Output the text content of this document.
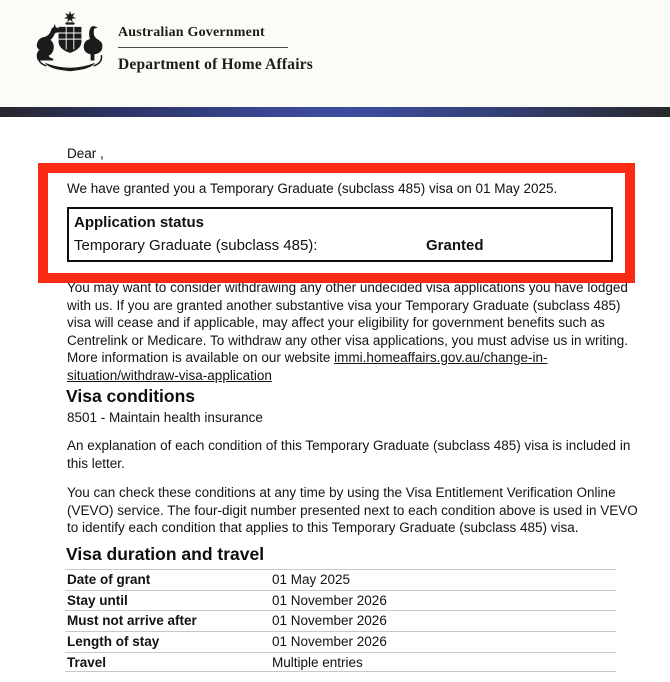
Australian Government
Department of Home Affairs
Dear ,
We have granted you a Temporary Graduate (subclass 485) visa on 01 May 2025.
Application status
Temporary Graduate (subclass 485):	Granted
You may want to consider withdrawing any other undecided visa applications you have lodged with us. If you are granted another substantive visa your Temporary Graduate (subclass 485) visa will cease and if applicable, may affect your eligibility for government benefits such as Centrelink or Medicare. To withdraw any other visa applications, you must advise us in writing. More information is available on our website immi.homeaffairs.gov.au/change-in-situation/withdraw-visa-application
Visa conditions
8501 - Maintain health insurance
An explanation of each condition of this Temporary Graduate (subclass 485) visa is included in this letter.
You can check these conditions at any time by using the Visa Entitlement Verification Online (VEVO) service. The four-digit number presented next to each condition above is used in VEVO to identify each condition that applies to this Temporary Graduate (subclass 485) visa.
Visa duration and travel
Date of grant	01 May 2025
Stay until	01 November 2026
Must not arrive after	01 November 2026
Length of stay	01 November 2026
Travel	Multiple entries
